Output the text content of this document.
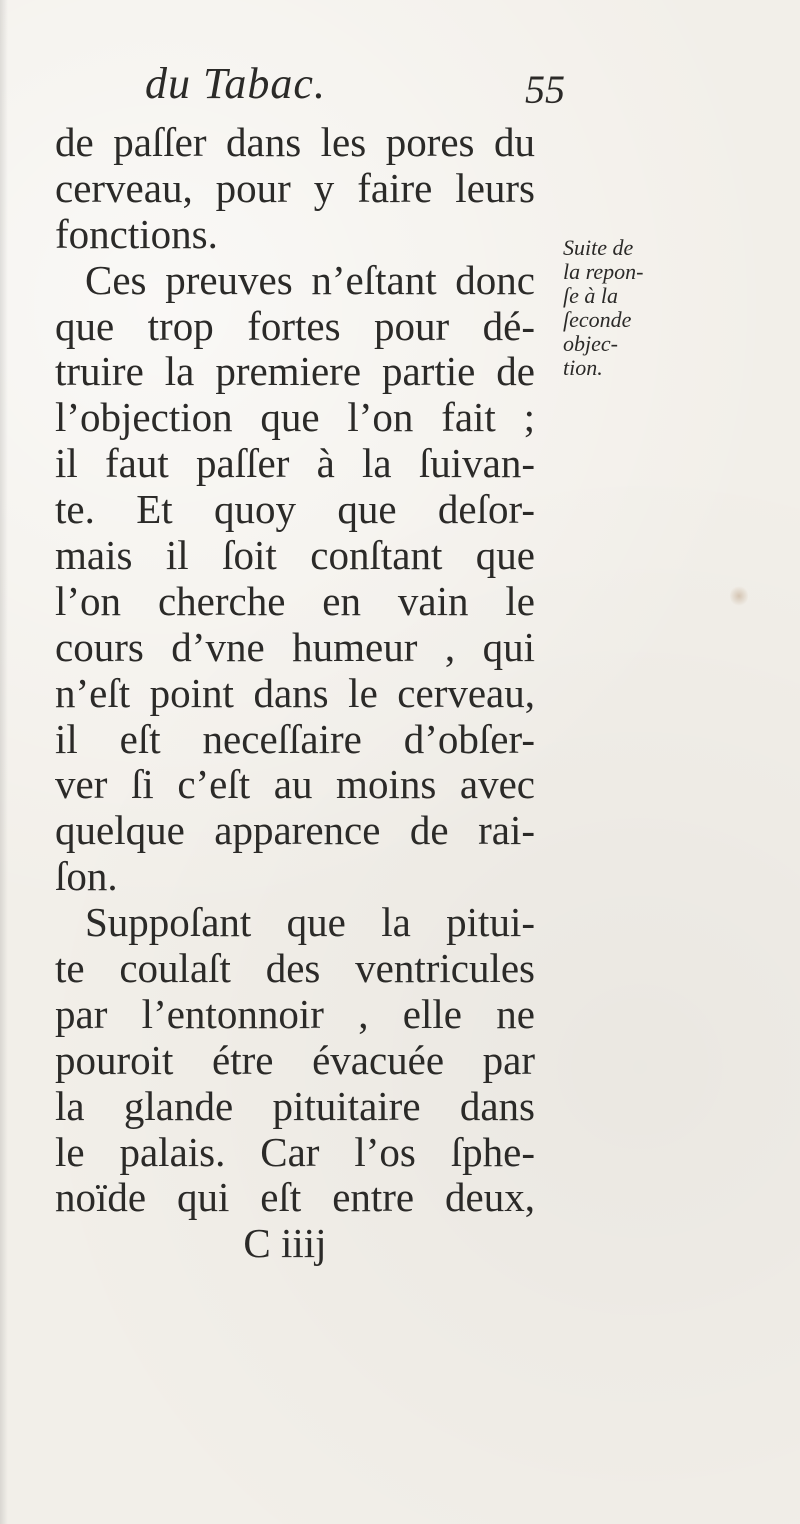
du Tabac.	55
de paſſer dans les pores du
cerveau, pour y faire leurs
fonctions.
Ces preuves n’eſtant donc
que trop fortes pour dé-
truire la premiere partie de
l’objection que l’on fait ;
il faut paſſer à la ſuivan-
te. Et quoy que deſor-
mais il ſoit conſtant que
l’on cherche en vain le
cours d’vne humeur , qui
n’eſt point dans le cerveau,
il eſt neceſſaire d’obſer-
ver ſi c’eſt au moins avec
quelque apparence de rai-
ſon.
Suppoſant que la pitui-
te coulaſt des ventricules
par l’entonnoir , elle ne
pouroit étre évacuée par
la glande pituitaire dans
le palais. Car l’os ſphe-
noïde qui eſt entre deux,
C iiij
Suite de
la repon-
ſe à la
ſeconde
objec-
tion.
